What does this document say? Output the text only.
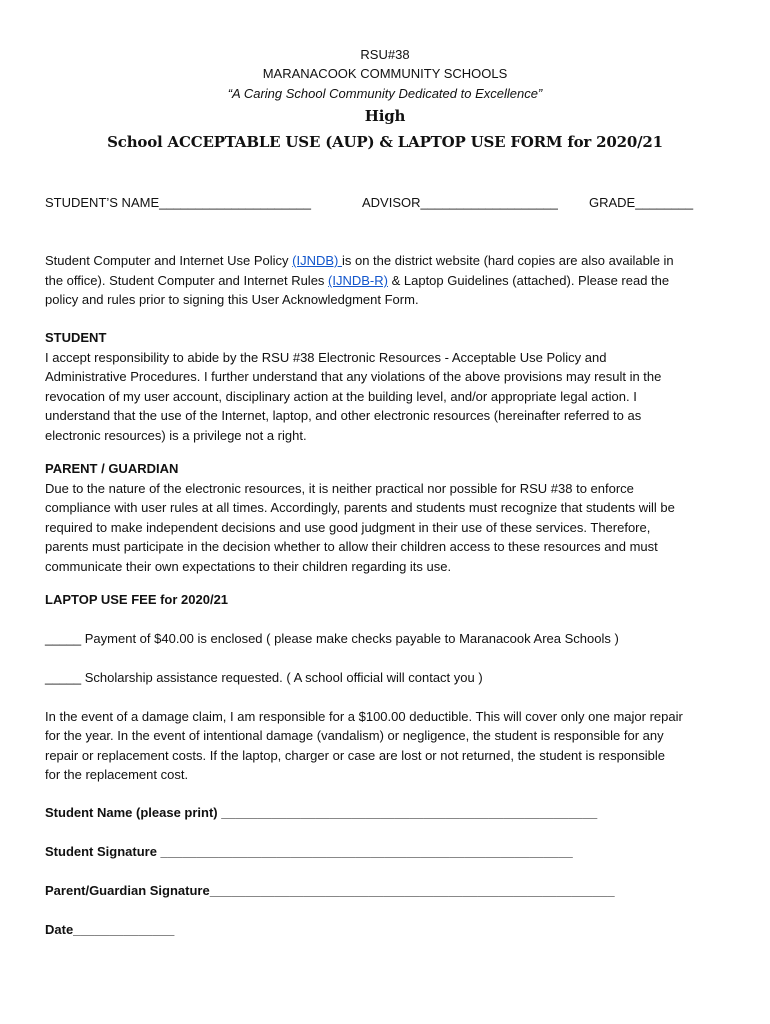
RSU#38
MARANACOOK COMMUNITY SCHOOLS
“A Caring School Community Dedicated to Excellence”
High
School ACCEPTABLE USE (AUP) & LAPTOP USE FORM for 2020/21
STUDENT’S NAME_____________________	ADVISOR___________________ GRADE________
Student Computer and Internet Use Policy (IJNDB) is on the district website (hard copies are also available in
the office). Student Computer and Internet Rules (IJNDB-R) & Laptop Guidelines (attached). Please read the
policy and rules prior to signing this User Acknowledgment Form.
STUDENT
I accept responsibility to abide by the RSU #38 Electronic Resources - Acceptable Use Policy and
Administrative Procedures. I further understand that any violations of the above provisions may result in the
revocation of my user account, disciplinary action at the building level, and/or appropriate legal action. I
understand that the use of the Internet, laptop, and other electronic resources (hereinafter referred to as
electronic resources) is a privilege not a right.
PARENT / GUARDIAN
Due to the nature of the electronic resources, it is neither practical nor possible for RSU #38 to enforce
compliance with user rules at all times. Accordingly, parents and students must recognize that students will be
required to make independent decisions and use good judgment in their use of these services. Therefore,
parents must participate in the decision whether to allow their children access to these resources and must
communicate their own expectations to their children regarding its use.
LAPTOP USE FEE for 2020/21
_____ Payment of $40.00 is enclosed ( please make checks payable to Maranacook Area Schools )
_____ Scholarship assistance requested. ( A school official will contact you )
In the event of a damage claim, I am responsible for a $100.00 deductible. This will cover only one major repair
for the year. In the event of intentional damage (vandalism) or negligence, the student is responsible for any
repair or replacement costs. If the laptop, charger or case are lost or not returned, the student is responsible
for the replacement cost.
Student Name (please print) ____________________________________________________
Student Signature _________________________________________________________
Parent/Guardian Signature________________________________________________________
Date______________
